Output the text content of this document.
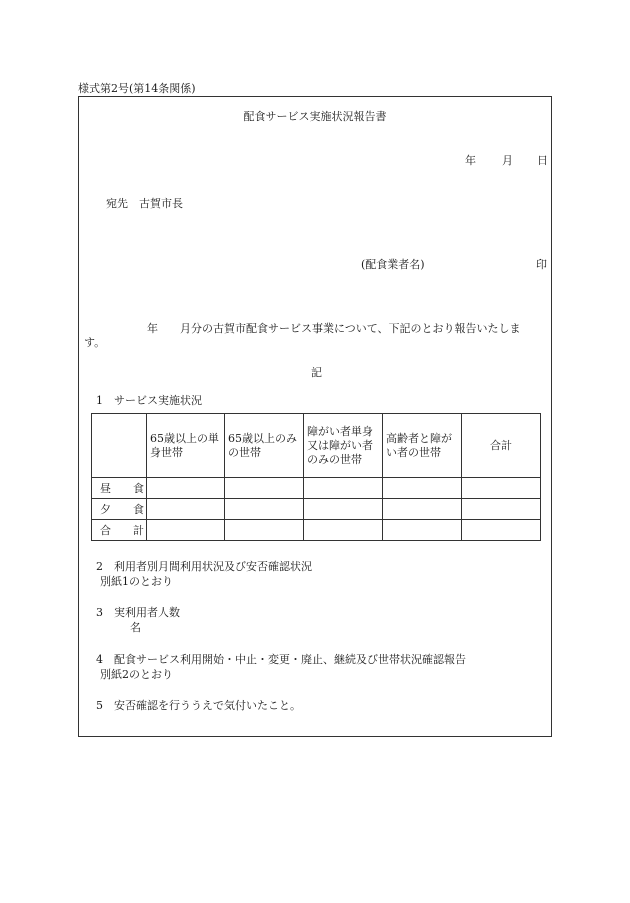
様式第2号(第14条関係)
配食サービス実施状況報告書
年 月 日
宛先　古賀市長
(配食業者名)	印
年　　月分の古賀市配食サービス事業について、下記のとおり報告いたしま
す。
記
1　サービス実施状況
	65歳以上の単身世帯	65歳以上のみの世帯	障がい者単身又は障がい者のみの世帯	高齢者と障がい者の世帯	合計
昼　　食					
夕　　食					
合　　計					
2　利用者別月間利用状況及び安否確認状況
別紙1のとおり
3　実利用者人数
名
4　配食サービス利用開始・中止・変更・廃止、継続及び世帯状況確認報告
別紙2のとおり
5　安否確認を行ううえで気付いたこと。
